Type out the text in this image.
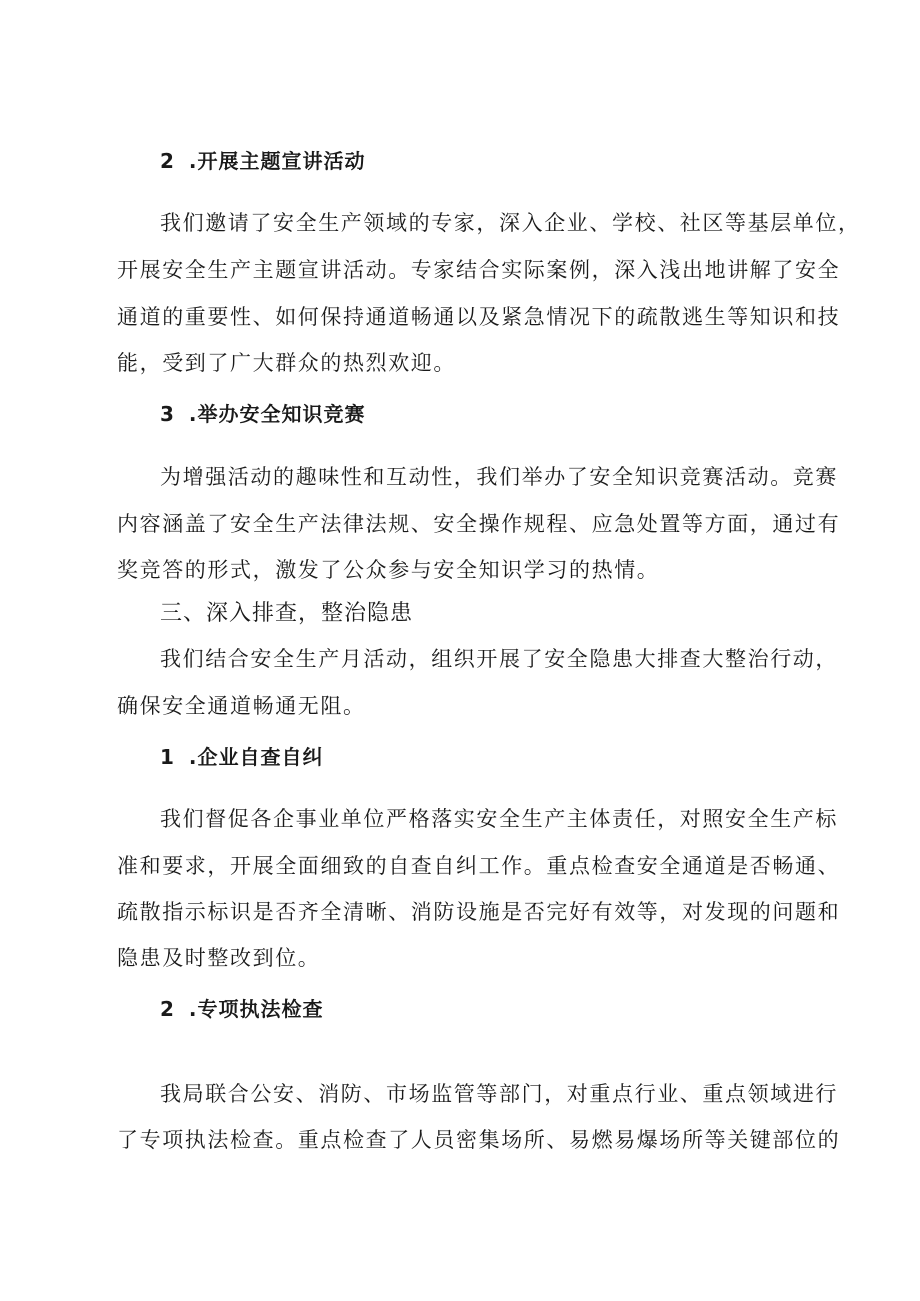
2 .开展主题宣讲活动
我们邀请了安全生产领域的专家，深入企业、学校、社区等基层单位，
开展安全生产主题宣讲活动。专家结合实际案例，深入浅出地讲解了安全
通道的重要性、如何保持通道畅通以及紧急情况下的疏散逃生等知识和技
能，受到了广大群众的热烈欢迎。
3 .举办安全知识竞赛
为增强活动的趣味性和互动性，我们举办了安全知识竞赛活动。竞赛
内容涵盖了安全生产法律法规、安全操作规程、应急处置等方面，通过有
奖竞答的形式，激发了公众参与安全知识学习的热情。
三、深入排查，整治隐患
我们结合安全生产月活动，组织开展了安全隐患大排查大整治行动，
确保安全通道畅通无阻。
1 .企业自查自纠
我们督促各企事业单位严格落实安全生产主体责任，对照安全生产标
准和要求，开展全面细致的自查自纠工作。重点检查安全通道是否畅通、
疏散指示标识是否齐全清晰、消防设施是否完好有效等，对发现的问题和
隐患及时整改到位。
2 .专项执法检查
我局联合公安、消防、市场监管等部门，对重点行业、重点领域进行
了专项执法检查。重点检查了人员密集场所、易燃易爆场所等关键部位的
